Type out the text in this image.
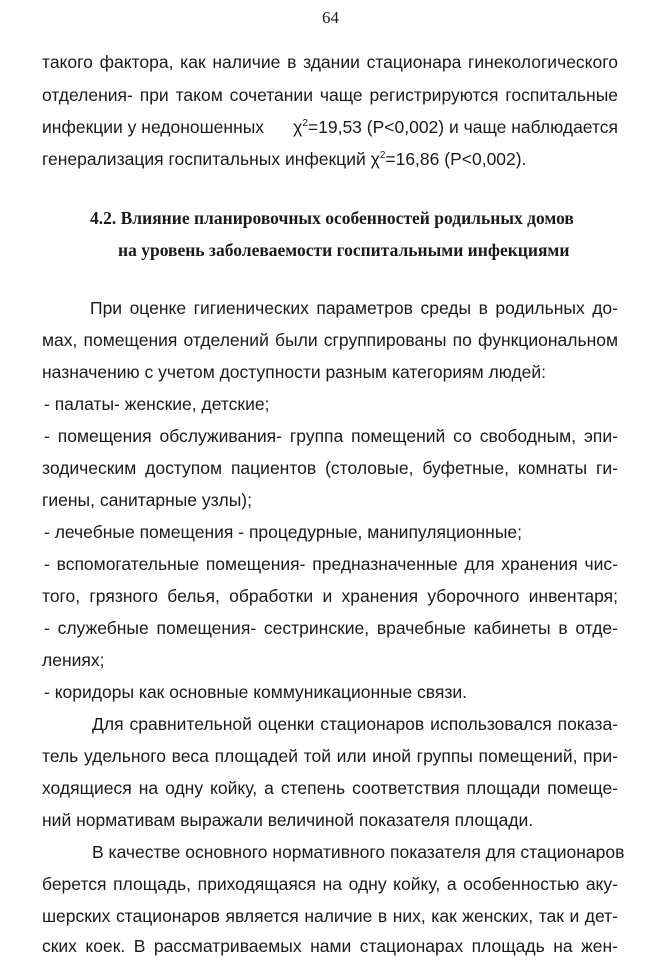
64
такого фактора, как наличие в здании стационара гинекологического
отделения- при таком сочетании чаще регистрируются госпитальные
инфекции у недоношенных $\chi^2=19,53$ (P<0,002) и чаще наблюдается
генерализация госпитальных инфекций $\chi^2=16,86$ (P<0,002).
4.2. Влияние планировочных особенностей родильных домов
на уровень заболеваемости госпитальными инфекциями
При оценке гигиенических параметров среды в родильных до-
мах, помещения отделений были сгруппированы по функциональном
назначению с учетом доступности разным категориям людей:
- палаты- женские, детские;
- помещения обслуживания- группа помещений со свободным, эпи-
зодическим доступом пациентов (столовые, буфетные, комнаты ги-
гиены, санитарные узлы);
- лечебные помещения - процедурные, манипуляционные;
- вспомогательные помещения- предназначенные для хранения чис-
того, грязного белья, обработки и хранения уборочного инвентаря;
- служебные помещения- сестринские, врачебные кабинеты в отде-
лениях;
- коридоры как основные коммуникационные связи.
Для сравнительной оценки стационаров использовался показа-
тель удельного веса площадей той или иной группы помещений, при-
ходящиеся на одну койку, а степень соответствия площади помеще-
ний нормативам выражали величиной показателя площади.
В качестве основного нормативного показателя для стационаров
берется площадь, приходящаяся на одну койку, а особенностью аку-
шерских стационаров является наличие в них, как женских, так и дет-
ских коек. В рассматриваемых нами стационарах площадь на жен-
